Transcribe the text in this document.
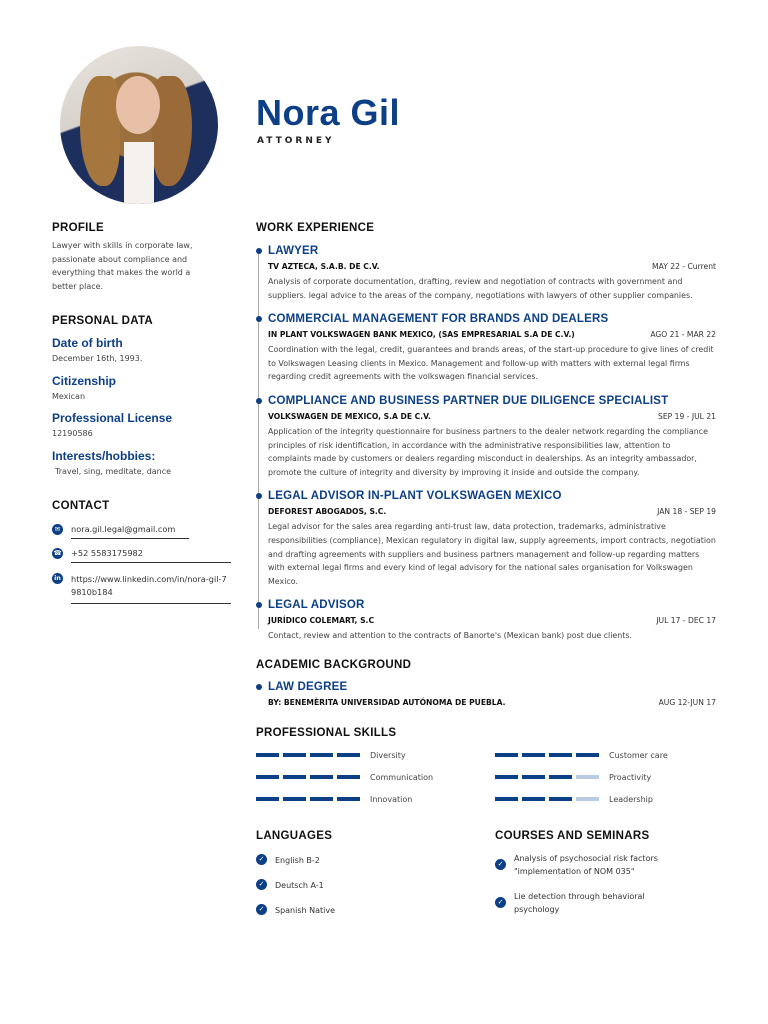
Nora Gil
ATTORNEY
PROFILE
Lawyer with skills in corporate law, passionate about compliance and everything that makes the world a better place.
PERSONAL DATA
Date of birth
December 16th, 1993.
Citizenship
Mexican
Professional License
12190586
Interests/hobbies:
Travel, sing, meditate, dance
CONTACT
✉	nora.gil.legal@gmail.com
☎ +52 5583175982
in https://www.linkedin.com/in/nora-gil-79810b184
WORK EXPERIENCE
LAWYER
TV AZTECA, S.A.B. DE C.V.	MAY 22 - Current
Analysis of corporate documentation, drafting, review and negotiation of contracts with government and suppliers. legal advice to the areas of the company, negotiations with lawyers of other supplier companies.
COMMERCIAL MANAGEMENT FOR BRANDS AND DEALERS
IN PLANT VOLKSWAGEN BANK MEXICO, (SAS EMPRESARIAL S.A DE C.V.)	AGO 21 - MAR 22
Coordination with the legal, credit, guarantees and brands areas, of the start-up procedure to give lines of credit to Volkswagen Leasing clients in Mexico. Management and follow-up with matters with external legal firms regarding credit agreements with the volkswagen financial services.
COMPLIANCE AND BUSINESS PARTNER DUE DILIGENCE SPECIALIST
VOLKSWAGEN DE MEXICO, S.A DE C.V.	SEP 19 - JUL 21
Application of the integrity questionnaire for business partners to the dealer network regarding the compliance principles of risk identification, in accordance with the administrative responsibilities law, attention to complaints made by customers or dealers regarding misconduct in dealerships. As an integrity ambassador, promote the culture of integrity and diversity by improving it inside and outside the company.
LEGAL ADVISOR IN-PLANT VOLKSWAGEN MEXICO
DEFOREST ABOGADOS, S.C.	JAN 18 - SEP 19
Legal advisor for the sales area regarding anti-trust law, data protection, trademarks, administrative responsibilities (compliance), Mexican regulatory in digital law, supply agreements, import contracts, negotiation and drafting agreements with suppliers and business partners management and follow-up regarding matters with external legal firms and every kind of legal advisory for the national sales organisation for Volkswagen Mexico.
LEGAL ADVISOR
JURÍDICO COLEMART, S.C	JUL 17 - DEC 17
Contact, review and attention to the contracts of Banorte's (Mexican bank) post due clients.
ACADEMIC BACKGROUND
LAW DEGREE
BY: BENEMÈRITA UNIVERSIDAD AUTÓNOMA DE PUEBLA.	AUG 12-JUN 17
PROFESSIONAL SKILLS
Diversity	Customer care
Communication	Proactivity
Innovation	Leadership
LANGUAGES
✓	English B-2
✓	Deutsch A-1
✓	Spanish Native
COURSES AND SEMINARS
✓
Analysis of psychosocial risk factors "implementation of NOM 035"
✓
Lie detection through behavioral psychology
